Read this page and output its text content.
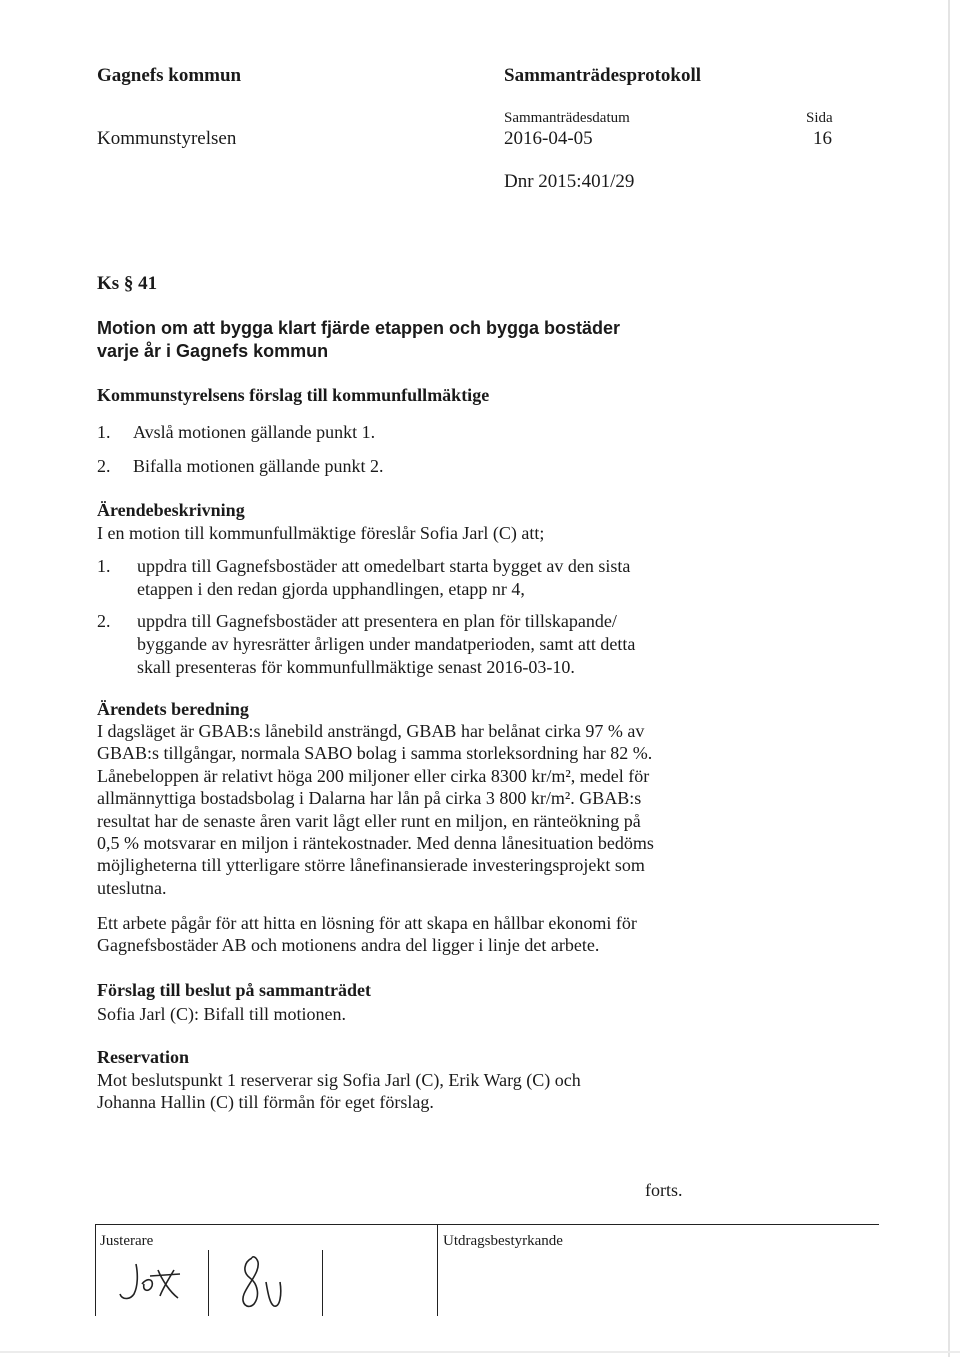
Gagnefs kommun	Sammanträdesprotokoll
Sammanträdesdatum	Sida
Kommunstyrelsen	2016-04-05	16
Dnr 2015:401/29
Ks § 41
Motion om att bygga klart fjärde etappen och bygga bostäder
varje år i Gagnefs kommun
Kommunstyrelsens förslag till kommunfullmäktige
1. Avslå motionen gällande punkt 1.
2. Bifalla motionen gällande punkt 2.
Ärendebeskrivning
I en motion till kommunfullmäktige föreslår Sofia Jarl (C) att;
1. uppdra till Gagnefsbostäder att omedelbart starta bygget av den sista
etappen i den redan gjorda upphandlingen, etapp nr 4,
2. uppdra till Gagnefsbostäder att presentera en plan för tillskapande/
byggande av hyresrätter årligen under mandatperioden, samt att detta
skall presenteras för kommunfullmäktige senast 2016-03-10.
Ärendets beredning
I dagsläget är GBAB:s lånebild ansträngd, GBAB har belånat cirka 97 % av
GBAB:s tillgångar, normala SABO bolag i samma storleksordning har 82 %.
Lånebeloppen är relativt höga 200 miljoner eller cirka 8300 kr/m², medel för
allmännyttiga bostadsbolag i Dalarna har lån på cirka 3 800 kr/m². GBAB:s
resultat har de senaste åren varit lågt eller runt en miljon, en ränteökning på
0,5 % motsvarar en miljon i räntekostnader. Med denna lånesituation bedöms
möjligheterna till ytterligare större lånefinansierade investeringsprojekt som
uteslutna.
Ett arbete pågår för att hitta en lösning för att skapa en hållbar ekonomi för
Gagnefsbostäder AB och motionens andra del ligger i linje det arbete.
Förslag till beslut på sammanträdet
Sofia Jarl (C): Bifall till motionen.
Reservation
Mot beslutspunkt 1 reserverar sig Sofia Jarl (C), Erik Warg (C) och
Johanna Hallin (C) till förmån för eget förslag.
forts.
Justerare	Utdragsbestyrkande
